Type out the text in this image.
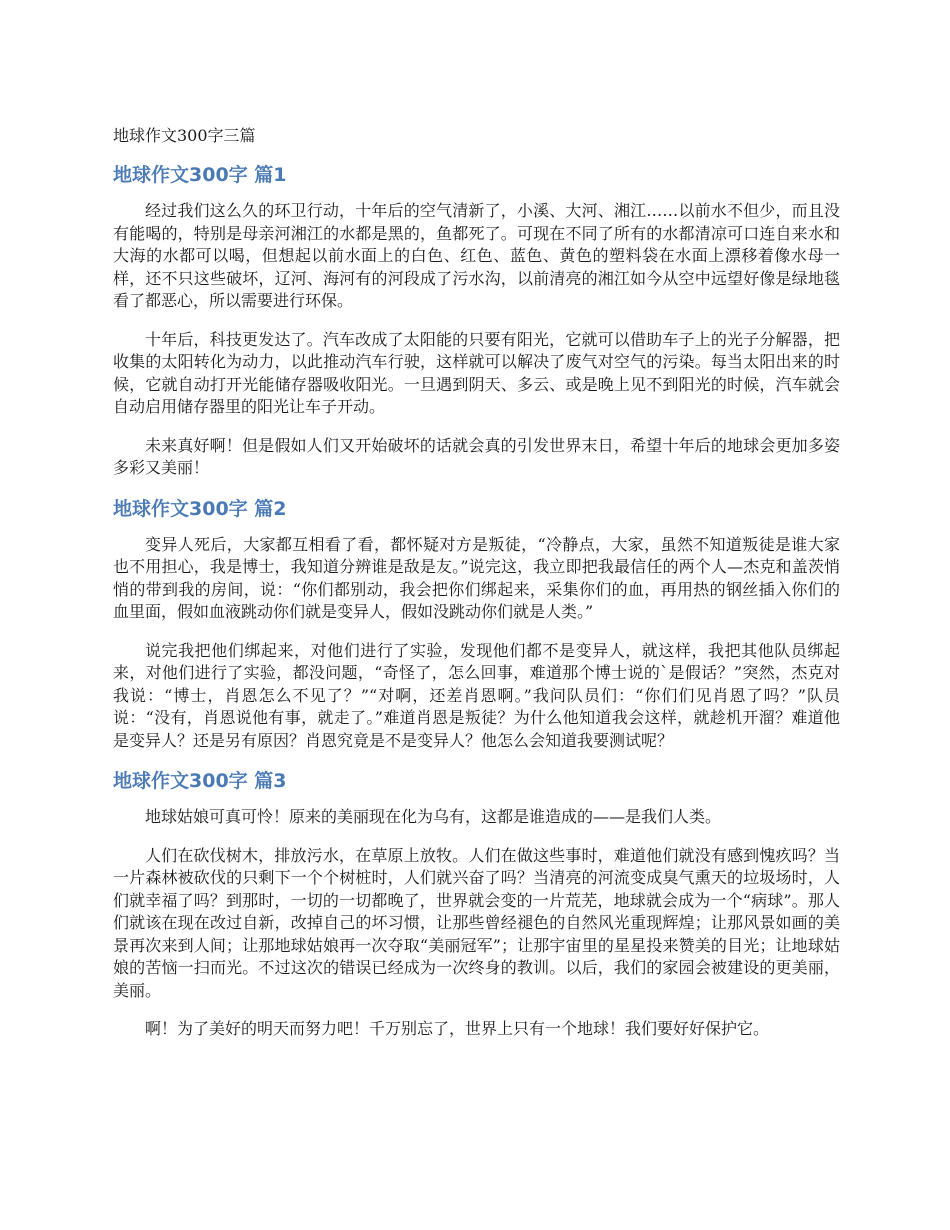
地球作文300字三篇
地球作文300字 篇1

经过我们这么久的环卫行动，十年后的空气清新了，小溪、大河、湘江……以前水不但少，而且没有能喝的，特别是母亲河湘江的水都是黑的，鱼都死了。可现在不同了所有的水都清凉可口连自来水和大海的水都可以喝，但想起以前水面上的白色、红色、蓝色、黄色的塑料袋在水面上漂移着像水母一样，还不只这些破坏，辽河、海河有的河段成了污水沟，以前清亮的湘江如今从空中远望好像是绿地毯看了都恶心，所以需要进行环保。

十年后，科技更发达了。汽车改成了太阳能的只要有阳光，它就可以借助车子上的光子分解器，把收集的太阳转化为动力，以此推动汽车行驶，这样就可以解决了废气对空气的污染。每当太阳出来的时候，它就自动打开光能储存器吸收阳光。一旦遇到阴天、多云、或是晚上见不到阳光的时候，汽车就会自动启用储存器里的阳光让车子开动。

未来真好啊！但是假如人们又开始破坏的话就会真的引发世界末日，希望十年后的地球会更加多姿多彩又美丽！

地球作文300字 篇2

变异人死后，大家都互相看了看，都怀疑对方是叛徒，“冷静点，大家，虽然不知道叛徒是谁大家也不用担心，我是博士，我知道分辨谁是敌是友。”说完这，我立即把我最信任的两个人—杰克和盖茨悄悄的带到我的房间，说：“你们都别动，我会把你们绑起来，采集你们的血，再用热的钢丝插入你们的血里面，假如血液跳动你们就是变异人，假如没跳动你们就是人类。”

说完我把他们绑起来，对他们进行了实验，发现他们都不是变异人，就这样，我把其他队员绑起来，对他们进行了实验，都没问题，“奇怪了，怎么回事，难道那个博士说的`是假话？”突然，杰克对我说：“博士，肖恩怎么不见了？”“对啊，还差肖恩啊。”我问队员们：“你们们见肖恩了吗？”队员说：“没有，肖恩说他有事，就走了。”难道肖恩是叛徒？为什么他知道我会这样，就趁机开溜？难道他是变异人？还是另有原因？肖恩究竟是不是变异人？他怎么会知道我要测试呢？

地球作文300字 篇3

地球姑娘可真可怜！原来的美丽现在化为乌有，这都是谁造成的——是我们人类。

人们在砍伐树木，排放污水，在草原上放牧。人们在做这些事时，难道他们就没有感到愧疚吗？当一片森林被砍伐的只剩下一个个树桩时，人们就兴奋了吗？当清亮的河流变成臭气熏天的垃圾场时，人们就幸福了吗？到那时，一切的一切都晚了，世界就会变的一片荒芜，地球就会成为一个“病球”。那人们就该在现在改过自新，改掉自己的坏习惯，让那些曾经褪色的自然风光重现辉煌；让那风景如画的美景再次来到人间；让那地球姑娘再一次夺取“美丽冠军”；让那宇宙里的星星投来赞美的目光；让地球姑娘的苦恼一扫而光。不过这次的错误已经成为一次终身的教训。以后，我们的家园会被建设的更美丽，美丽。

啊！为了美好的明天而努力吧！千万别忘了，世界上只有一个地球！我们要好好保护它。
